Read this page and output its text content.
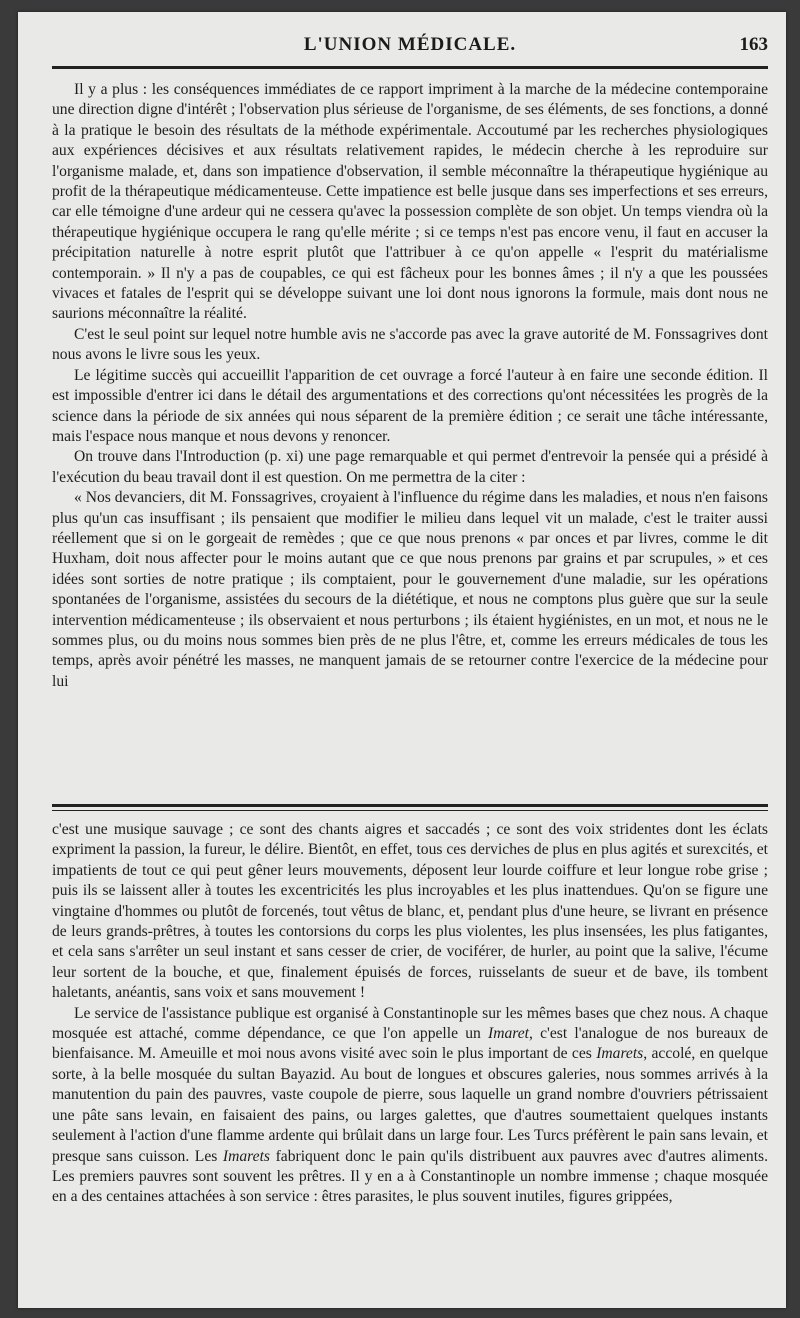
L'UNION MÉDICALE.	163

Il y a plus : les conséquences immédiates de ce rapport impriment à la marche de la médecine contemporaine une direction digne d'intérêt ; l'observation plus sérieuse de l'organisme, de ses éléments, de ses fonctions, a donné à la pratique le besoin des résultats de la méthode expérimentale. Accoutumé par les recherches physiologiques aux expériences décisives et aux résultats relativement rapides, le médecin cherche à les reproduire sur l'organisme malade, et, dans son impatience d'observation, il semble méconnaître la thérapeutique hygiénique au profit de la thérapeutique médicamenteuse. Cette impatience est belle jusque dans ses imperfections et ses erreurs, car elle témoigne d'une ardeur qui ne cessera qu'avec la possession complète de son objet. Un temps viendra où la thérapeutique hygiénique occupera le rang qu'elle mérite ; si ce temps n'est pas encore venu, il faut en accuser la précipitation naturelle à notre esprit plutôt que l'attribuer à ce qu'on appelle « l'esprit du matérialisme contemporain. » Il n'y a pas de coupables, ce qui est fâcheux pour les bonnes âmes ; il n'y a que les poussées vivaces et fatales de l'esprit qui se développe suivant une loi dont nous ignorons la formule, mais dont nous ne saurions méconnaître la réalité.

C'est le seul point sur lequel notre humble avis ne s'accorde pas avec la grave autorité de M. Fonssagrives dont nous avons le livre sous les yeux.

Le légitime succès qui accueillit l'apparition de cet ouvrage a forcé l'auteur à en faire une seconde édition. Il est impossible d'entrer ici dans le détail des argumentations et des corrections qu'ont nécessitées les progrès de la science dans la période de six années qui nous séparent de la première édition ; ce serait une tâche intéressante, mais l'espace nous manque et nous devons y renoncer.

On trouve dans l'Introduction (p. xi) une page remarquable et qui permet d'entrevoir la pensée qui a présidé à l'exécution du beau travail dont il est question. On me permettra de la citer :

« Nos devanciers, dit M. Fonssagrives, croyaient à l'influence du régime dans les maladies, et nous n'en faisons plus qu'un cas insuffisant ; ils pensaient que modifier le milieu dans lequel vit un malade, c'est le traiter aussi réellement que si on le gorgeait de remèdes ; que ce que nous prenons « par onces et par livres, comme le dit Huxham, doit nous affecter pour le moins autant que ce que nous prenons par grains et par scrupules, » et ces idées sont sorties de notre pratique ; ils comptaient, pour le gouvernement d'une maladie, sur les opérations spontanées de l'organisme, assistées du secours de la diététique, et nous ne comptons plus guère que sur la seule intervention médicamenteuse ; ils observaient et nous perturbons ; ils étaient hygiénistes, en un mot, et nous ne le sommes plus, ou du moins nous sommes bien près de ne plus l'être, et, comme les erreurs médicales de tous les temps, après avoir pénétré les masses, ne manquent jamais de se retourner contre l'exercice de la médecine pour lui

c'est une musique sauvage ; ce sont des chants aigres et saccadés ; ce sont des voix stridentes dont les éclats expriment la passion, la fureur, le délire. Bientôt, en effet, tous ces derviches de plus en plus agités et surexcités, et impatients de tout ce qui peut gêner leurs mouvements, déposent leur lourde coiffure et leur longue robe grise ; puis ils se laissent aller à toutes les excentricités les plus incroyables et les plus inattendues. Qu'on se figure une vingtaine d'hommes ou plutôt de forcenés, tout vêtus de blanc, et, pendant plus d'une heure, se livrant en présence de leurs grands-prêtres, à toutes les contorsions du corps les plus violentes, les plus insensées, les plus fatigantes, et cela sans s'arrêter un seul instant et sans cesser de crier, de vociférer, de hurler, au point que la salive, l'écume leur sortent de la bouche, et que, finalement épuisés de forces, ruisselants de sueur et de bave, ils tombent haletants, anéantis, sans voix et sans mouvement !

Le service de l'assistance publique est organisé à Constantinople sur les mêmes bases que chez nous. A chaque mosquée est attaché, comme dépendance, ce que l'on appelle un Imaret, c'est l'analogue de nos bureaux de bienfaisance. M. Ameuille et moi nous avons visité avec soin le plus important de ces Imarets, accolé, en quelque sorte, à la belle mosquée du sultan Bayazid. Au bout de longues et obscures galeries, nous sommes arrivés à la manutention du pain des pauvres, vaste coupole de pierre, sous laquelle un grand nombre d'ouvriers pétrissaient une pâte sans levain, en faisaient des pains, ou larges galettes, que d'autres soumettaient quelques instants seulement à l'action d'une flamme ardente qui brûlait dans un large four. Les Turcs préfèrent le pain sans levain, et presque sans cuisson. Les Imarets fabriquent donc le pain qu'ils distribuent aux pauvres avec d'autres aliments. Les premiers pauvres sont souvent les prêtres. Il y en a à Constantinople un nombre immense ; chaque mosquée en a des centaines attachées à son service : êtres parasites, le plus souvent inutiles, figures grippées,
